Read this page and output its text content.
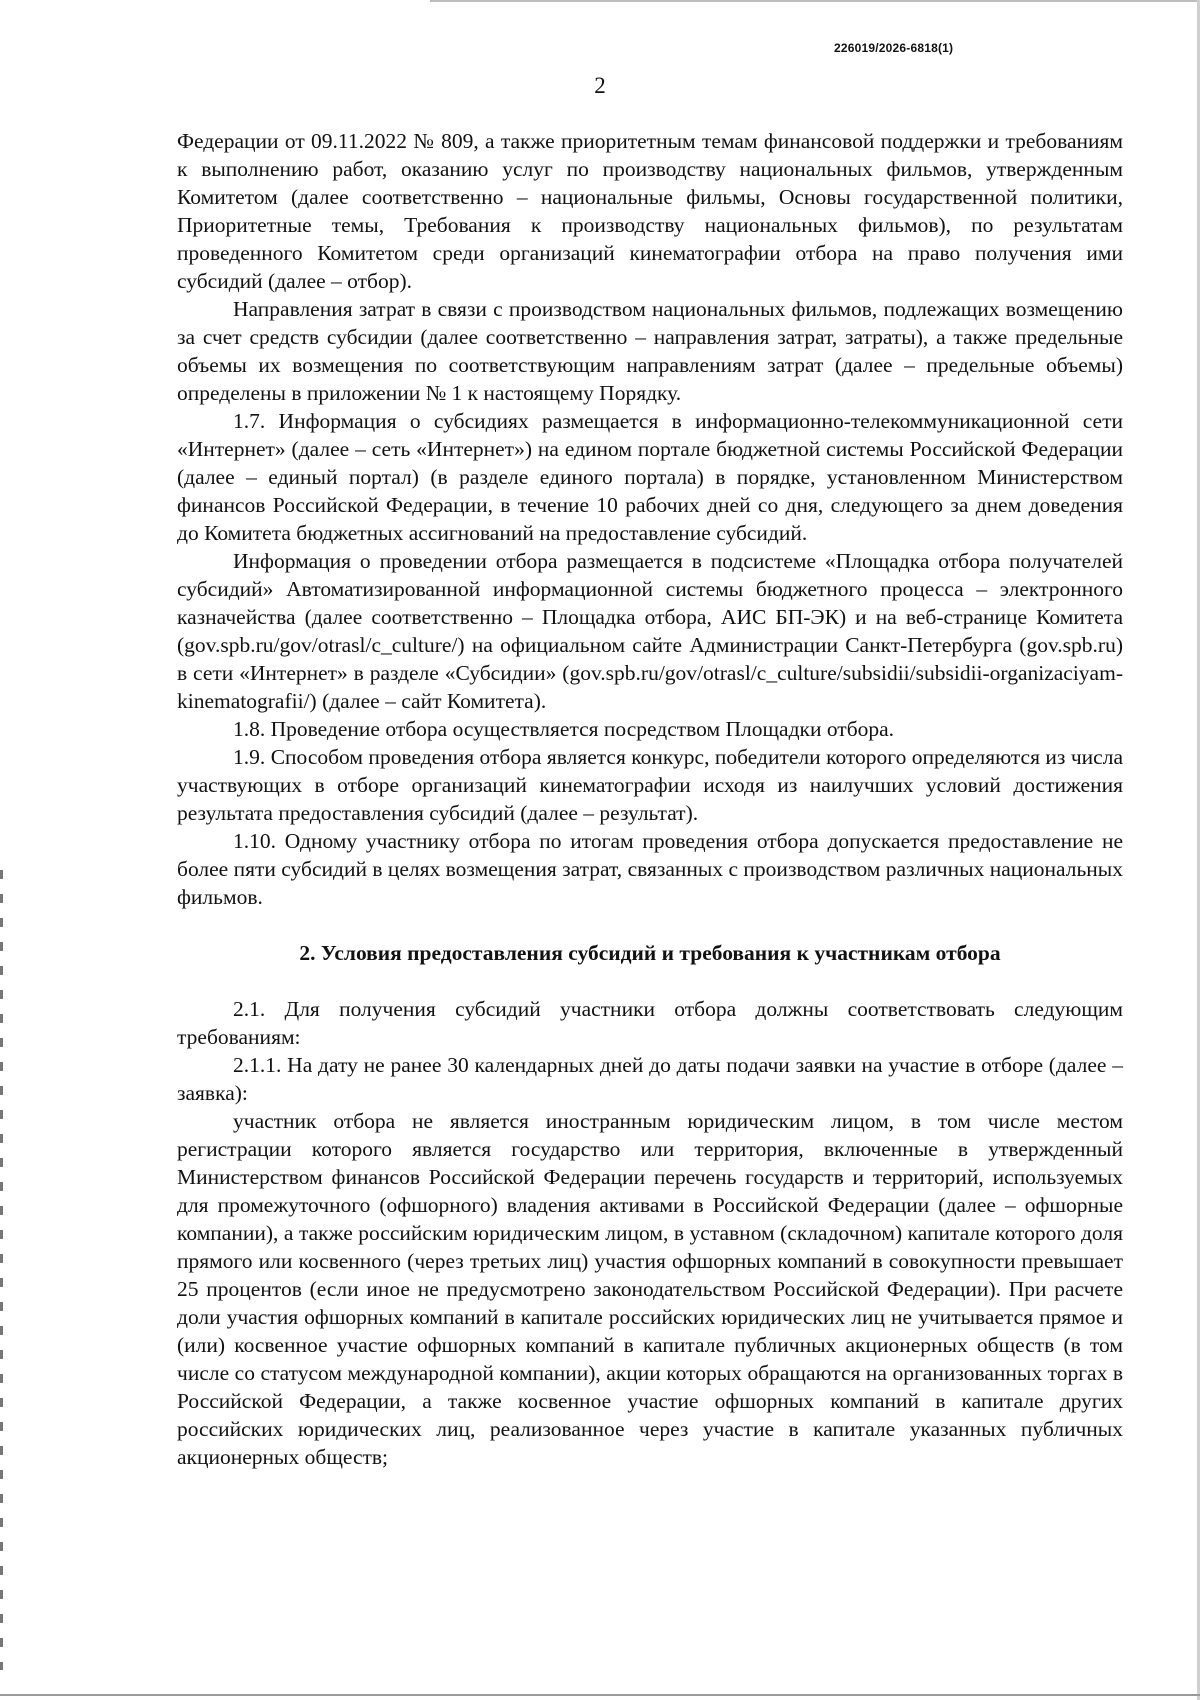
226019/2026-6818(1)
2

Федерации от 09.11.2022 № 809, а также приоритетным темам финансовой поддержки и требованиям к выполнению работ, оказанию услуг по производству национальных фильмов, утвержденным Комитетом (далее соответственно – национальные фильмы, Основы государственной политики, Приоритетные темы, Требования к производству национальных фильмов), по результатам проведенного Комитетом среди организаций кинематографии отбора на право получения ими субсидий (далее – отбор).

Направления затрат в связи с производством национальных фильмов, подлежащих возмещению за счет средств субсидии (далее соответственно – направления затрат, затраты), а также предельные объемы их возмещения по соответствующим направлениям затрат (далее – предельные объемы) определены в приложении № 1 к настоящему Порядку.

1.7. Информация о субсидиях размещается в информационно-телекоммуникационной сети «Интернет» (далее – сеть «Интернет») на едином портале бюджетной системы Российской Федерации (далее – единый портал) (в разделе единого портала) в порядке, установленном Министерством финансов Российской Федерации, в течение 10 рабочих дней со дня, следующего за днем доведения до Комитета бюджетных ассигнований на предоставление субсидий.

Информация о проведении отбора размещается в подсистеме «Площадка отбора получателей субсидий» Автоматизированной информационной системы бюджетного процесса – электронного казначейства (далее соответственно – Площадка отбора, АИС БП-ЭК) и на веб-странице Комитета (gov.spb.ru/gov/otrasl/c_culture/) на официальном сайте Администрации Санкт-Петербурга (gov.spb.ru) в сети «Интернет» в разделе «Субсидии» (gov.spb.ru/gov/otrasl/c_culture/subsidii/subsidii-organizaciyam-kinematografii/) (далее – сайт Комитета).

1.8. Проведение отбора осуществляется посредством Площадки отбора.

1.9. Способом проведения отбора является конкурс, победители которого определяются из числа участвующих в отборе организаций кинематографии исходя из наилучших условий достижения результата предоставления субсидий (далее – результат).

1.10. Одному участнику отбора по итогам проведения отбора допускается предоставление не более пяти субсидий в целях возмещения затрат, связанных с производством различных национальных фильмов.

2. Условия предоставления субсидий и требования к участникам отбора

2.1. Для получения субсидий участники отбора должны соответствовать следующим требованиям:

2.1.1. На дату не ранее 30 календарных дней до даты подачи заявки на участие в отборе (далее – заявка):

участник отбора не является иностранным юридическим лицом, в том числе местом регистрации которого является государство или территория, включенные в утвержденный Министерством финансов Российской Федерации перечень государств и территорий, используемых для промежуточного (офшорного) владения активами в Российской Федерации (далее – офшорные компании), а также российским юридическим лицом, в уставном (складочном) капитале которого доля прямого или косвенного (через третьих лиц) участия офшорных компаний в совокупности превышает 25 процентов (если иное не предусмотрено законодательством Российской Федерации). При расчете доли участия офшорных компаний в капитале российских юридических лиц не учитывается прямое и (или) косвенное участие офшорных компаний в капитале публичных акционерных обществ (в том числе со статусом международной компании), акции которых обращаются на организованных торгах в Российской Федерации, а также косвенное участие офшорных компаний в капитале других российских юридических лиц, реализованное через участие в капитале указанных публичных акционерных обществ;
